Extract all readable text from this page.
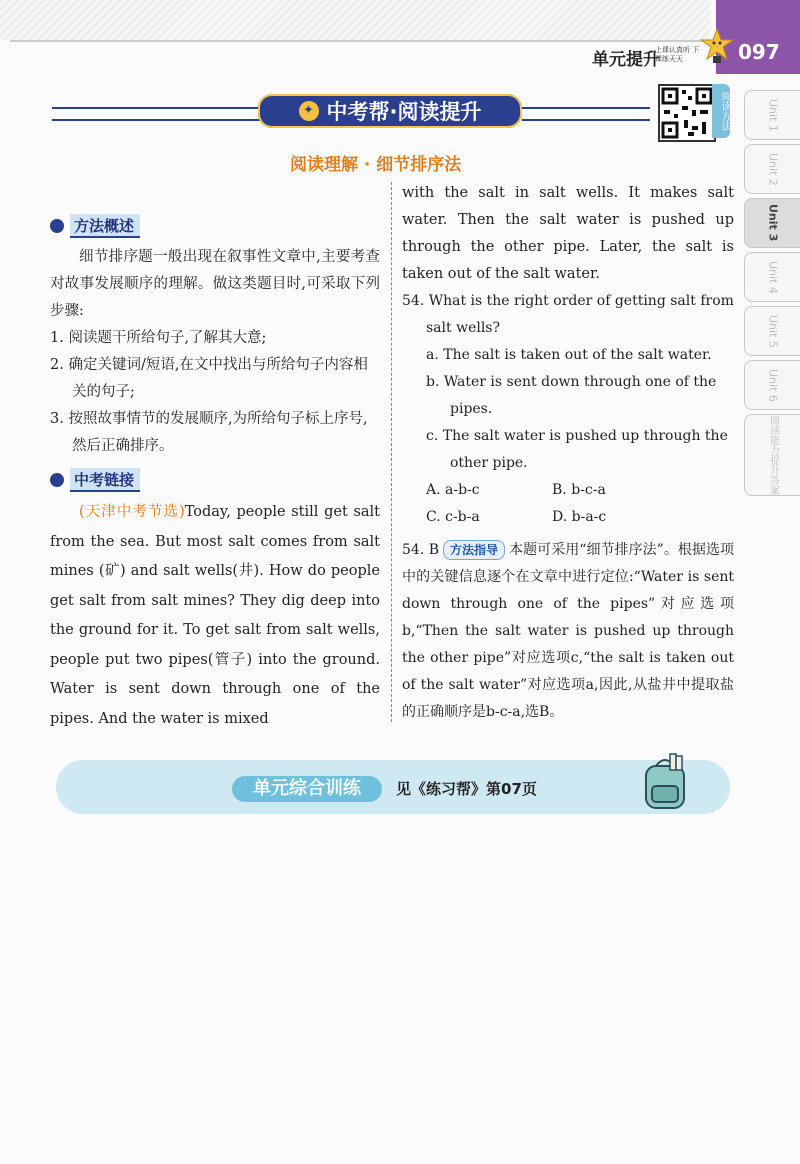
097
单元提升
上课认真听 下课练天天
✦ 中考帮·阅读提升	阅读方法	Unit 1
Unit 2
Unit 3
Unit 4
Unit 5
Unit 6
阅读能力提升答案
阅读理解 · 细节排序法
方法概述

细节排序题一般出现在叙事性文章中,主要考查对故事发展顺序的理解。做这类题目时,可采取下列步骤:

1. 阅读题干所给句子,了解其大意;

2. 确定关键词/短语,在文中找出与所给句子内容相关的句子;

3. 按照故事情节的发展顺序,为所给句子标上序号,然后正确排序。

中考链接

(天津中考节选)Today, people still get salt from the sea. But most salt comes from salt mines (矿) and salt wells(井). How do people get salt from salt mines? They dig deep into the ground for it. To get salt from salt wells, people put two pipes(管子) into the ground. Water is sent down through one of the pipes. And the water is mixed

with the salt in salt wells. It makes salt water. Then the salt water is pushed up through the other pipe. Later, the salt is taken out of the salt water.

54. What is the right order of getting salt from salt wells?

a. The salt is taken out of the salt water.

b. Water is sent down through one of the pipes.

c. The salt water is pushed up through the other pipe.

A. a-b-c	B. b-c-a
C. c-b-a	D. b-a-c

54. B 方法指导 本题可采用“细节排序法”。根据选项中的关键信息逐个在文章中进行定位:“Water is sent down through one of the pipes”对应选项b,“Then the salt water is pushed up through the other pipe”对应选项c,“the salt is taken out of the salt water”对应选项a,因此,从盐井中提取盐的正确顺序是b-c-a,选B。

单元综合训练	见《练习帮》第07页
